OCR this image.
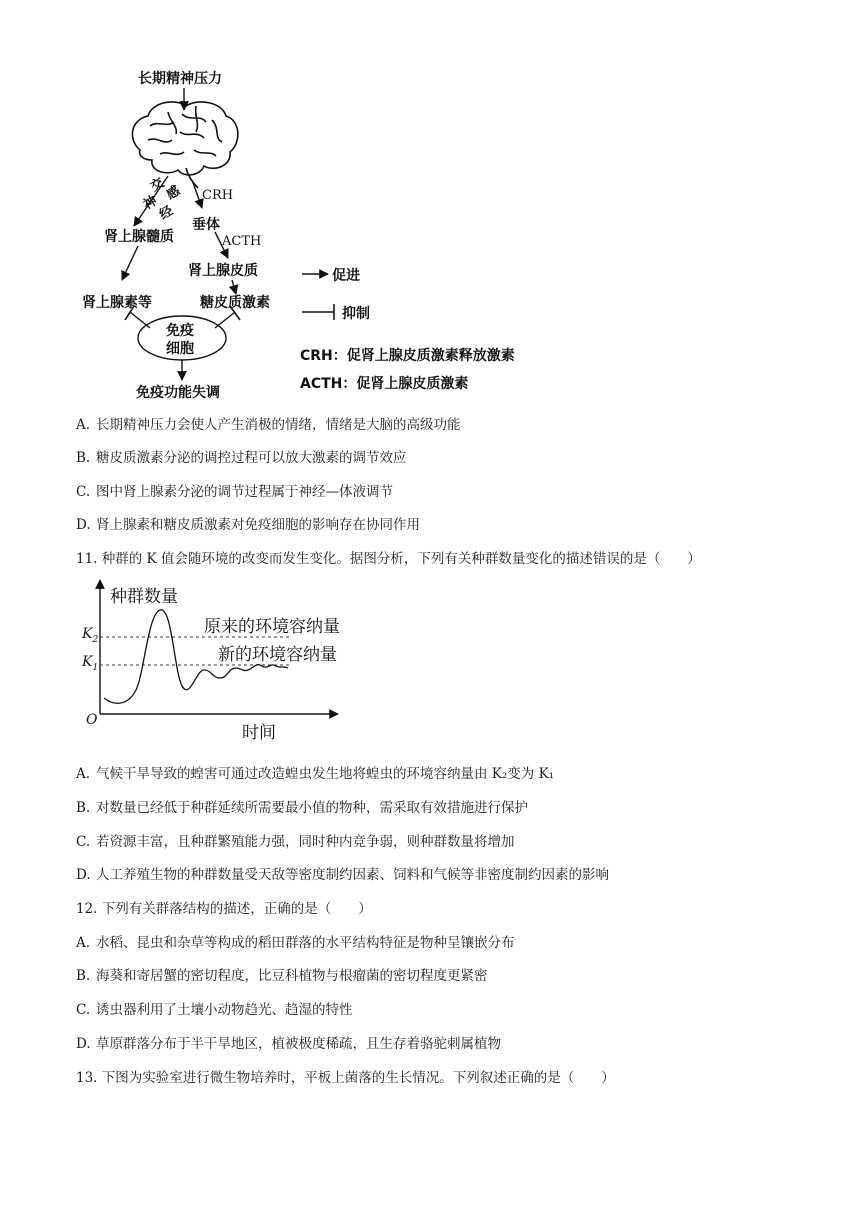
长期精神压力
交
感
神
经
CRH
垂体
ACTH
肾上腺髓质
肾上腺皮质
肾上腺素等	糖皮质激素
免疫
细胞
免疫功能失调
促进
抑制
CRH：促肾上腺皮质激素释放激素
ACTH：促肾上腺皮质激素
A. 长期精神压力会使人产生消极的情绪，情绪是大脑的高级功能
B. 糖皮质激素分泌的调控过程可以放大激素的调节效应
C. 图中肾上腺素分泌的调节过程属于神经—体液调节
D. 肾上腺素和糖皮质激素对免疫细胞的影响存在协同作用
11. 种群的 K 值会随环境的改变而发生变化。据图分析，下列有关种群数量变化的描述错误的是（　　）
种群数量
时间
O
$K_2$
$K_1$
原来的环境容纳量
新的环境容纳量
A. 气候干旱导致的蝗害可通过改造蝗虫发生地将蝗虫的环境容纳量由 K₂变为 K₁
B. 对数量已经低于种群延续所需要最小值的物种，需采取有效措施进行保护
C. 若资源丰富，且种群繁殖能力强，同时种内竞争弱，则种群数量将增加
D. 人工养殖生物的种群数量受天敌等密度制约因素、饲料和气候等非密度制约因素的影响
12. 下列有关群落结构的描述，正确的是（　　）
A. 水稻、昆虫和杂草等构成的稻田群落的水平结构特征是物种呈镶嵌分布
B. 海葵和寄居蟹的密切程度，比豆科植物与根瘤菌的密切程度更紧密
C. 诱虫器利用了土壤小动物趋光、趋湿的特性
D. 草原群落分布于半干旱地区，植被极度稀疏，且生存着骆驼刺属植物
13. 下图为实验室进行微生物培养时，平板上菌落的生长情况。下列叙述正确的是（　　）
